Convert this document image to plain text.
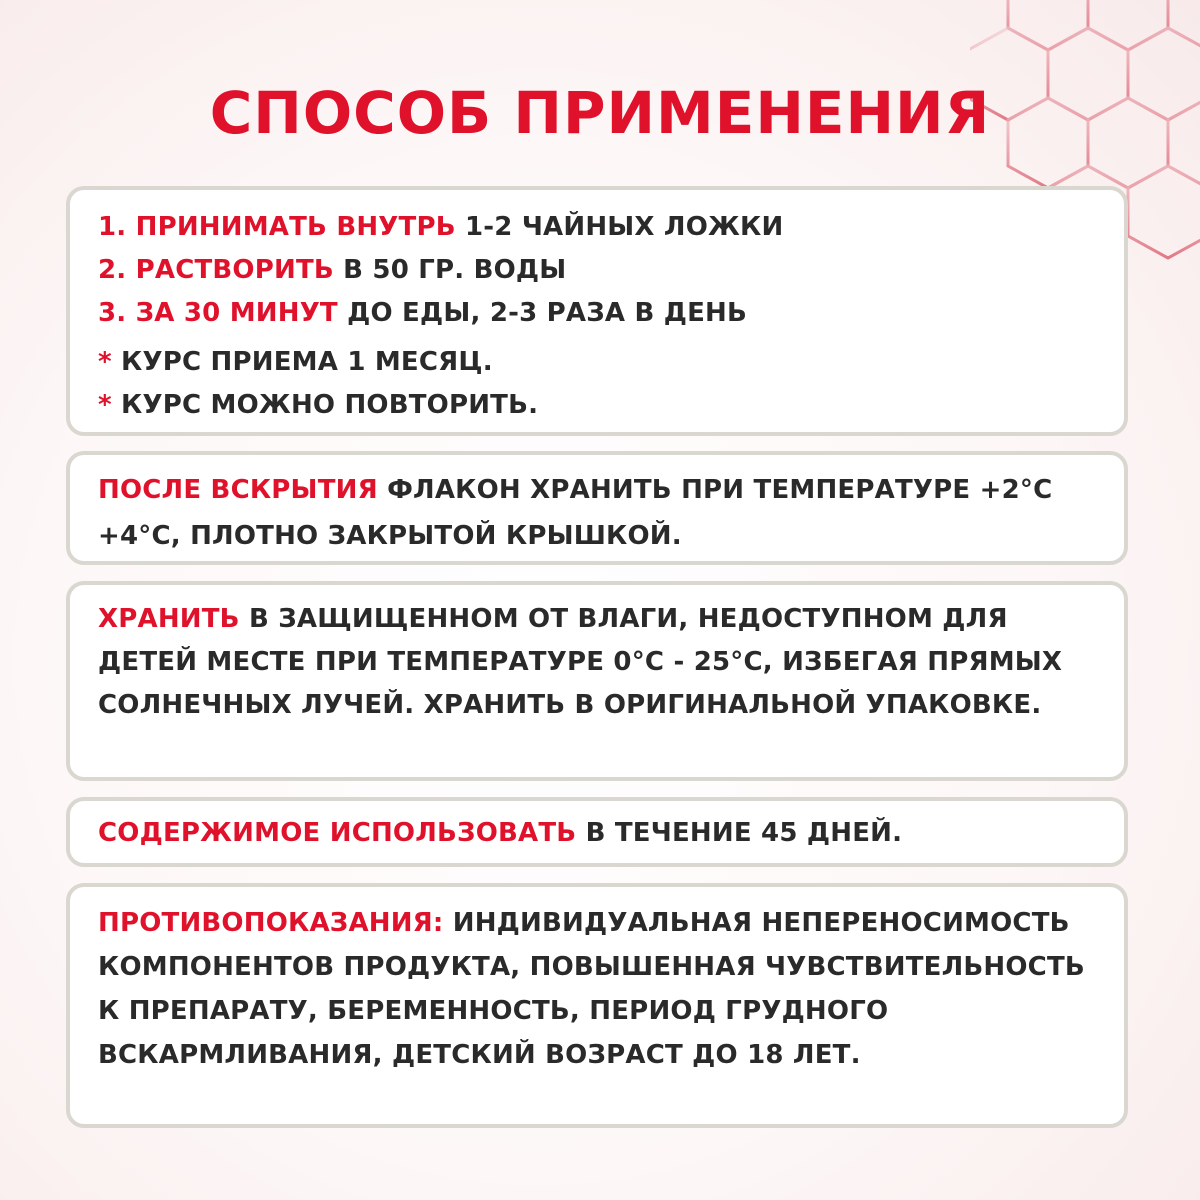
СПОСОБ ПРИМЕНЕНИЯ

1. ПРИНИМАТЬ ВНУТРЬ 1-2 ЧАЙНЫХ ЛОЖКИ

2. РАСТВОРИТЬ В 50 ГР. ВОДЫ

3. ЗА 30 МИНУТ ДО ЕДЫ, 2-3 РАЗА В ДЕНЬ

* КУРС ПРИЕМА 1 МЕСЯЦ.

* КУРС МОЖНО ПОВТОРИТЬ.

ПОСЛЕ ВСКРЫТИЯ ФЛАКОН ХРАНИТЬ ПРИ ТЕМПЕРАТУРЕ +2°С +4°С, ПЛОТНО ЗАКРЫТОЙ КРЫШКОЙ.

ХРАНИТЬ В ЗАЩИЩЕННОМ ОТ ВЛАГИ, НЕДОСТУПНОМ ДЛЯ ДЕТЕЙ МЕСТЕ ПРИ ТЕМПЕРАТУРЕ 0°С - 25°С, ИЗБЕГАЯ ПРЯМЫХ СОЛНЕЧНЫХ ЛУЧЕЙ. ХРАНИТЬ В ОРИГИНАЛЬНОЙ УПАКОВКЕ.

СОДЕРЖИМОЕ ИСПОЛЬЗОВАТЬ В ТЕЧЕНИЕ 45 ДНЕЙ.

ПРОТИВОПОКАЗАНИЯ: ИНДИВИДУАЛЬНАЯ НЕПЕРЕНОСИМОСТЬ КОМПОНЕНТОВ ПРОДУКТА, ПОВЫШЕННАЯ ЧУВСТВИТЕЛЬНОСТЬ К ПРЕПАРАТУ, БЕРЕМЕННОСТЬ, ПЕРИОД ГРУДНОГО ВСКАРМЛИВАНИЯ, ДЕТСКИЙ ВОЗРАСТ ДО 18 ЛЕТ.
